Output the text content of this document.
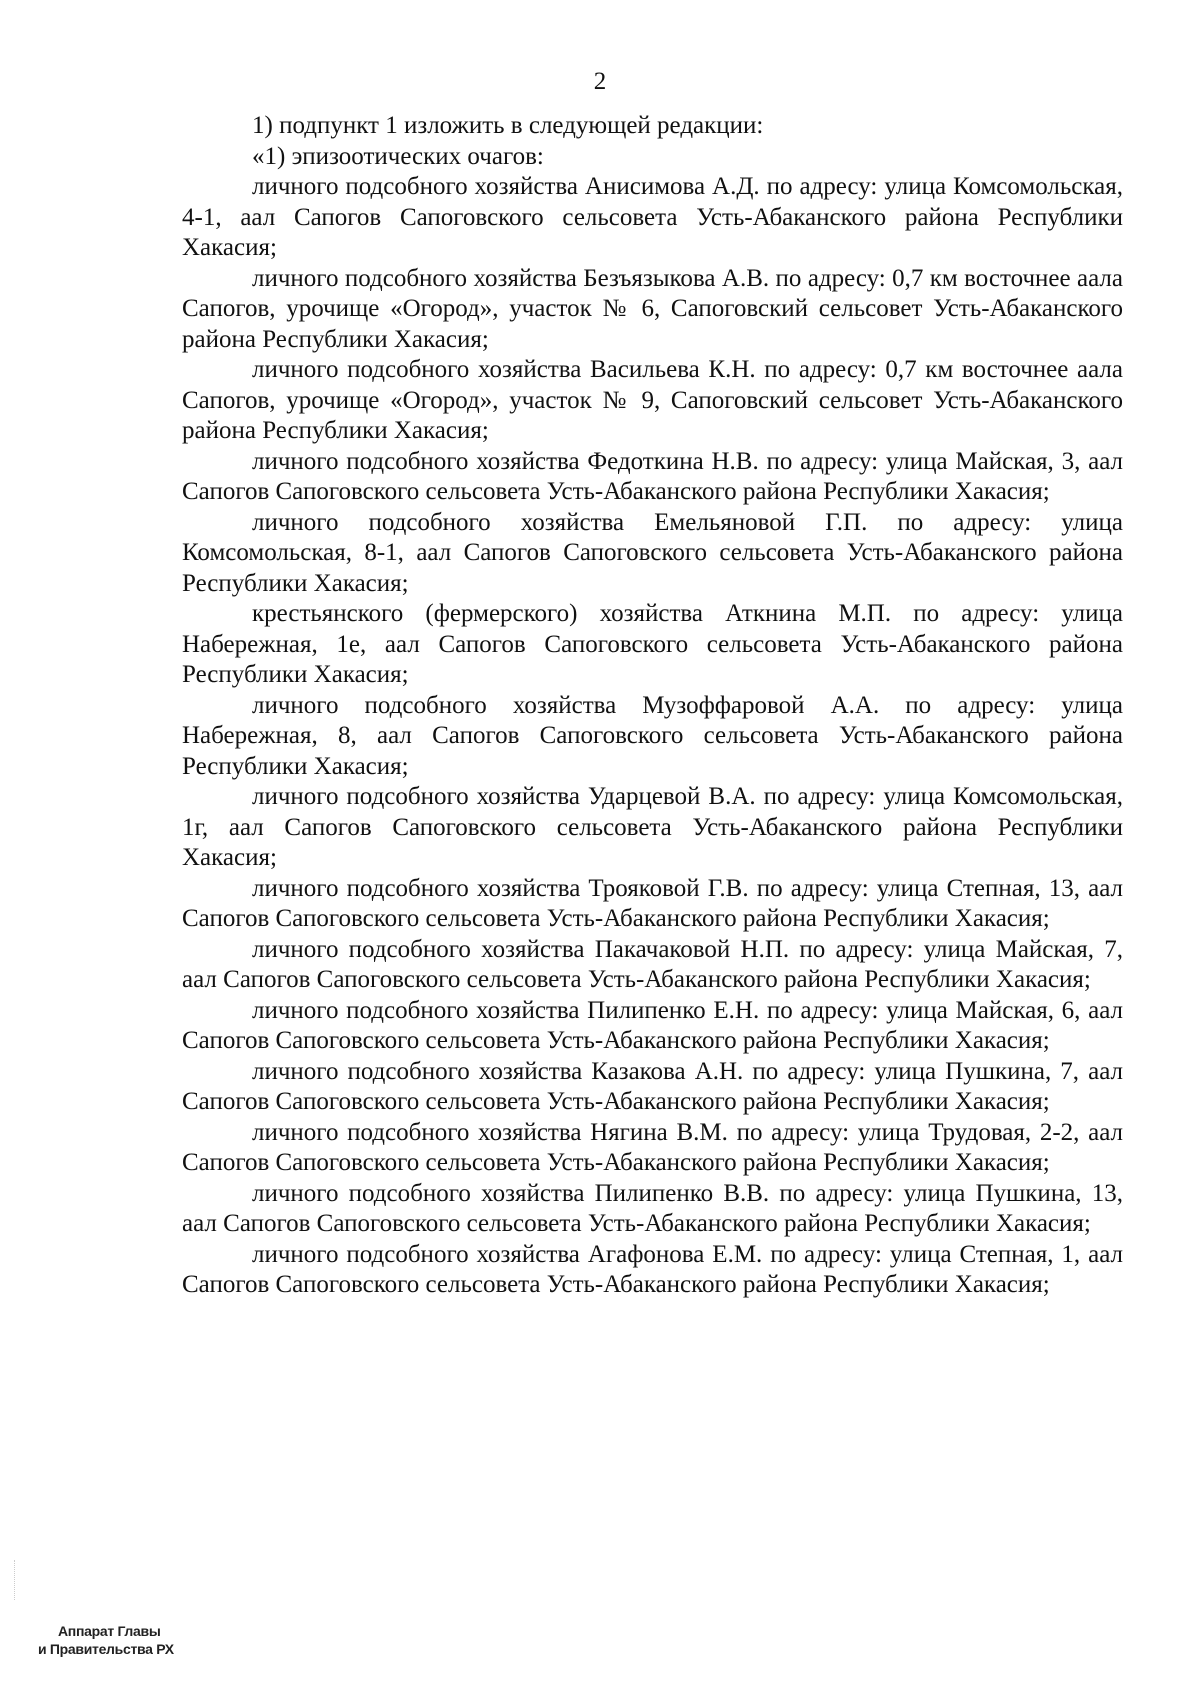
2

1) подпункт 1 изложить в следующей редакции:

«1) эпизоотических очагов:

личного подсобного хозяйства Анисимова А.Д. по адресу: улица Комсомольская, 4-1, аал Сапогов Сапоговского сельсовета Усть-Абаканского района Республики Хакасия;

личного подсобного хозяйства Безъязыкова А.В. по адресу: 0,7 км восточнее аала Сапогов, урочище «Огород», участок № 6, Сапоговский сельсовет Усть-Абаканского района Республики Хакасия;

личного подсобного хозяйства Васильева К.Н. по адресу: 0,7 км восточнее аала Сапогов, урочище «Огород», участок № 9, Сапоговский сельсовет Усть-Абаканского района Республики Хакасия;

личного подсобного хозяйства Федоткина Н.В. по адресу: улица Майская, 3, аал Сапогов Сапоговского сельсовета Усть-Абаканского района Республики Хакасия;

личного подсобного хозяйства Емельяновой Г.П. по адресу: улица Комсомольская, 8-1, аал Сапогов Сапоговского сельсовета Усть-Абаканского района Республики Хакасия;

крестьянского (фермерского) хозяйства Аткнина М.П. по адресу: улица Набережная, 1е, аал Сапогов Сапоговского сельсовета Усть-Абаканского района Республики Хакасия;

личного подсобного хозяйства Музоффаровой А.А. по адресу: улица Набережная, 8, аал Сапогов Сапоговского сельсовета Усть-Абаканского района Республики Хакасия;

личного подсобного хозяйства Ударцевой В.А. по адресу: улица Комсомольская, 1г, аал Сапогов Сапоговского сельсовета Усть-Абаканского района Республики Хакасия;

личного подсобного хозяйства Трояковой Г.В. по адресу: улица Степная, 13, аал Сапогов Сапоговского сельсовета Усть-Абаканского района Республики Хакасия;

личного подсобного хозяйства Пакачаковой Н.П. по адресу: улица Майская, 7, аал Сапогов Сапоговского сельсовета Усть-Абаканского района Республики Хакасия;

личного подсобного хозяйства Пилипенко Е.Н. по адресу: улица Майская, 6, аал Сапогов Сапоговского сельсовета Усть-Абаканского района Республики Хакасия;

личного подсобного хозяйства Казакова А.Н. по адресу: улица Пушкина, 7, аал Сапогов Сапоговского сельсовета Усть-Абаканского района Республики Хакасия;

личного подсобного хозяйства Нягина В.М. по адресу: улица Трудовая, 2-2, аал Сапогов Сапоговского сельсовета Усть-Абаканского района Республики Хакасия;

личного подсобного хозяйства Пилипенко В.В. по адресу: улица Пушкина, 13, аал Сапогов Сапоговского сельсовета Усть-Абаканского района Республики Хакасия;

личного подсобного хозяйства Агафонова Е.М. по адресу: улица Степная, 1, аал Сапогов Сапоговского сельсовета Усть-Абаканского района Республики Хакасия;

Аппарат Главы
и Правительства РХ
